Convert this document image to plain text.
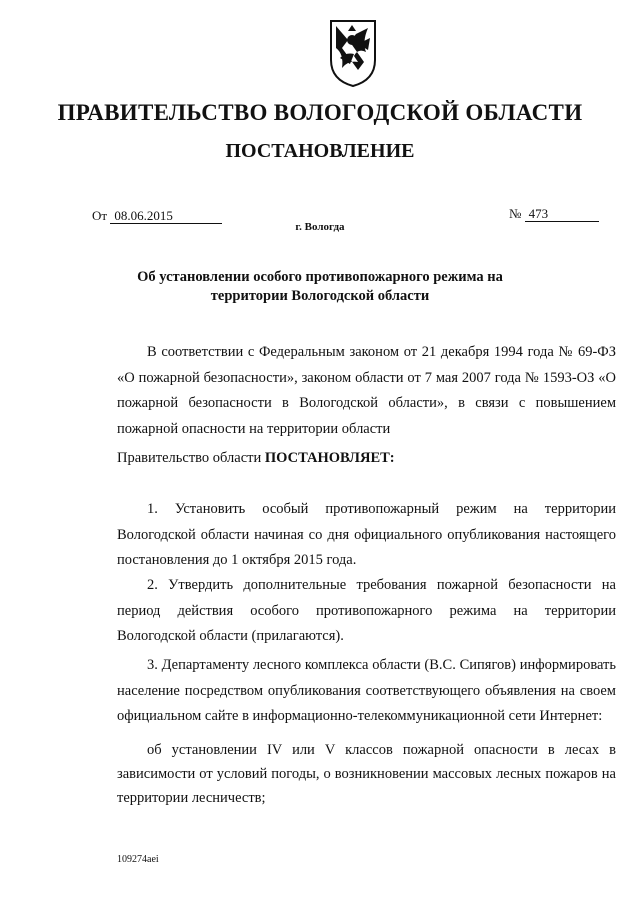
ПРАВИТЕЛЬСТВО ВОЛОГОДСКОЙ ОБЛАСТИ
ПОСТАНОВЛЕНИЕ
От 08.06.2015	№ 473
г. Вологда
Об установлении особого противопожарного режима на территории Вологодской области
В соответствии с Федеральным законом от 21 декабря 1994 года № 69-ФЗ «О пожарной безопасности», законом области от 7 мая 2007 года № 1593-ОЗ «О пожарной безопасности в Вологодской области», в связи с повышением пожарной опасности на территории области
Правительство области ПОСТАНОВЛЯЕТ:
1. Установить особый противопожарный режим на территории Вологодской области начиная со дня официального опубликования настоящего постановления до 1 октября 2015 года.
2. Утвердить дополнительные требования пожарной безопасности на период действия особого противопожарного режима на территории Вологодской области (прилагаются).
3. Департаменту лесного комплекса области (В.С. Сипягов) информировать население посредством опубликования соответствующего объявления на своем официальном сайте в информационно-телекоммуникационной сети Интернет:
об установлении IV или V классов пожарной опасности в лесах в зависимости от условий погоды, о возникновении массовых лесных пожаров на территории лесничеств;
109274aei
